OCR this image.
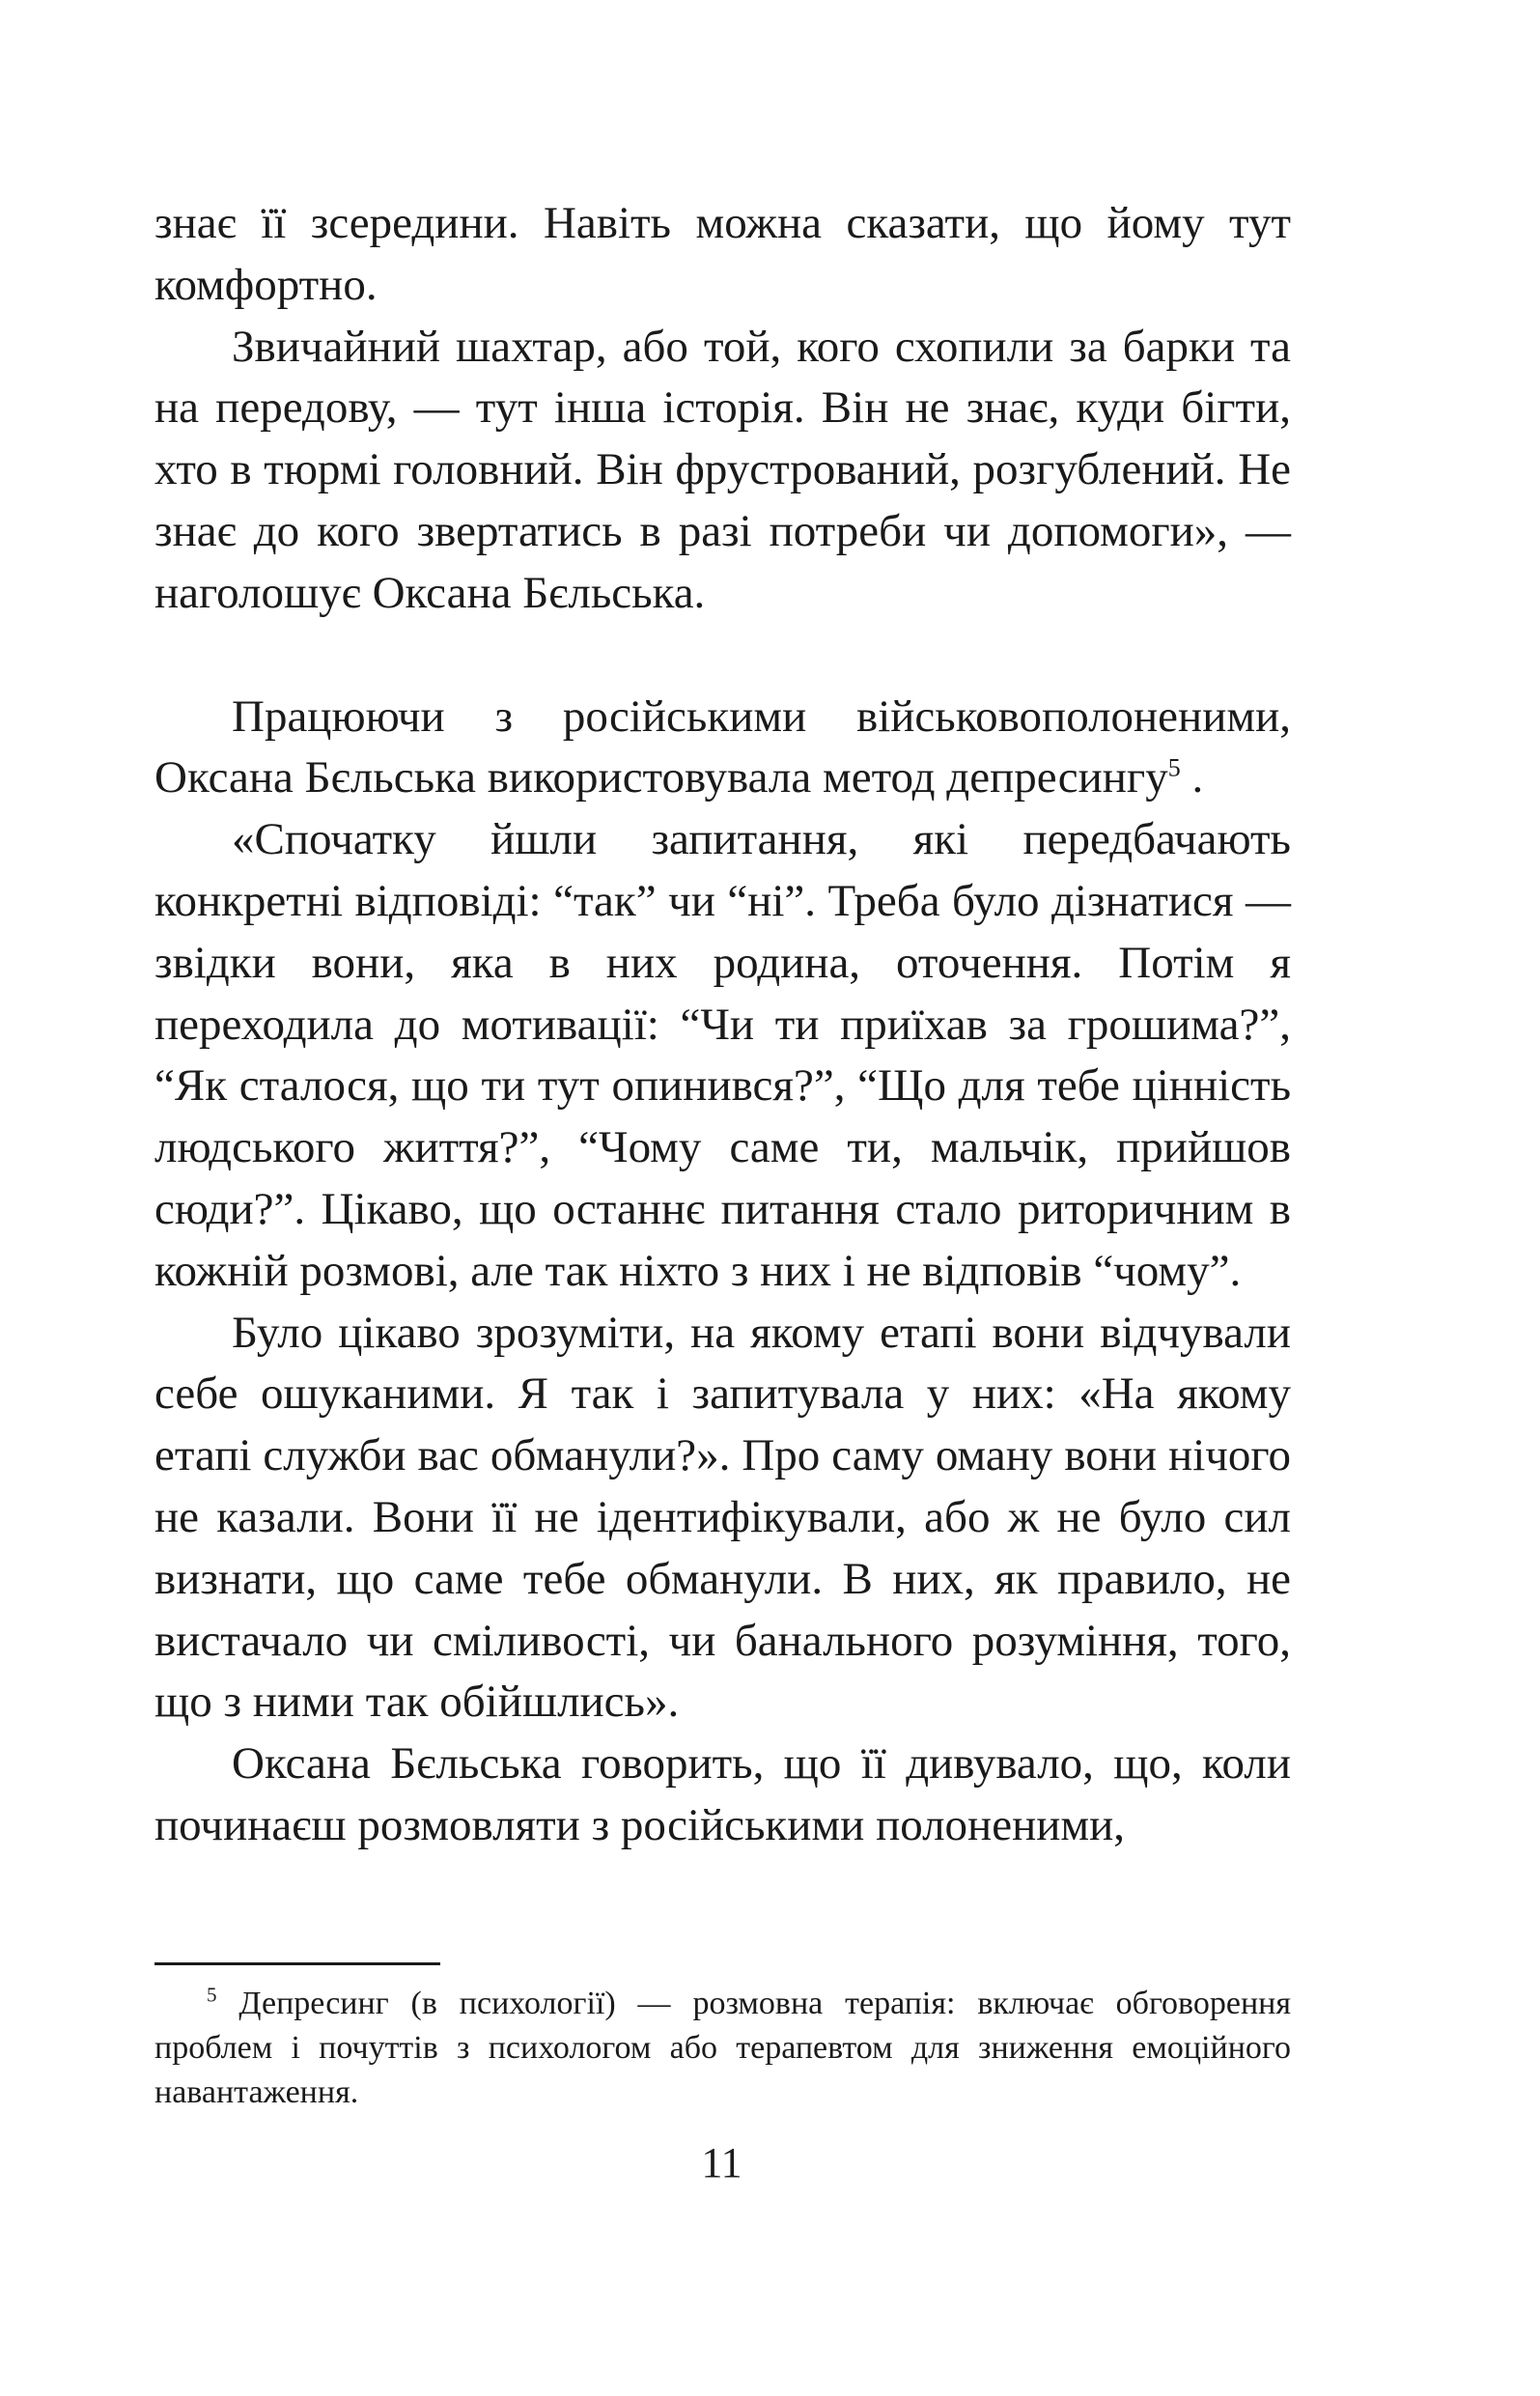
знає її зсередини. Навіть можна сказати, що йому тут комфортно.

Звичайний шахтар, або той, кого схопили за барки та на передову, — тут інша історія. Він не знає, куди бігти, хто в тюрмі головний. Він фрустрований, розгублений. Не знає до кого звертатись в разі потреби чи допомоги», — наголошує Оксана Бєльська.

Працюючи з російськими військовополоненими, Оксана Бєльська використовувала метод депресингу$^5$ .

«Спочатку йшли запитання, які передбачають конкретні відповіді: “так” чи “ні”. Треба було дізнатися — звідки вони, яка в них родина, оточення. Потім я переходила до мотивації: “Чи ти приїхав за грошима?”, “Як сталося, що ти тут опинився?”, “Що для тебе цінність людського життя?”, “Чому саме ти, мальчік, прийшов сюди?”. Цікаво, що останнє питання стало риторичним в кожній розмові, але так ніхто з них і не відповів “чому”.

Було цікаво зрозуміти, на якому етапі вони відчували себе ошуканими. Я так і запитувала у них: «На якому етапі служби вас обманули?». Про саму оману вони нічого не казали. Вони її не ідентифікували, або ж не було сил визнати, що саме тебе обманули. В них, як правило, не вистачало чи сміливості, чи банального розуміння, того, що з ними так обійшлись».

Оксана Бєльська говорить, що її дивувало, що, коли починаєш розмовляти з російськими полоненими,

$^5$ Депресинг (в психології) — розмовна терапія: включає обговорення проблем і почуттів з психологом або терапевтом для зниження емоційного навантаження.

11
